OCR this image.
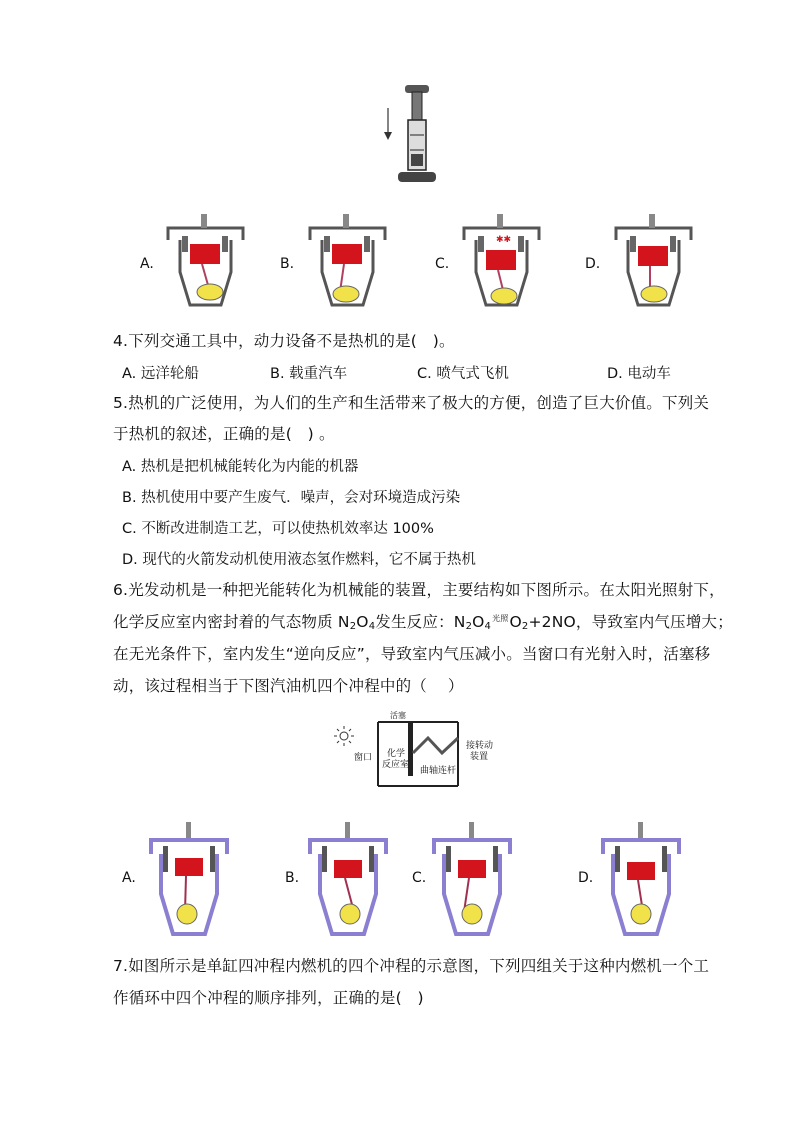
A.	B.	C.	D.
✱✱
4.下列交通工具中，动力设备不是热机的是(　)。
A. 远洋轮船	B. 载重汽车	C. 喷气式飞机	D. 电动车
5.热机的广泛使用，为人们的生产和生活带来了极大的方便，创造了巨大价值。下列关
于热机的叙述，正确的是(　) 。
A. 热机是把机械能转化为内能的机器
B. 热机使用中要产生废气．噪声，会对环境造成污染
C. 不断改进制造工艺，可以使热机效率达 100%
D. 现代的火箭发动机使用液态氢作燃料，它不属于热机
6.光发动机是一种把光能转化为机械能的装置，主要结构如下图所示。在太阳光照射下，
化学反应室内密封着的气态物质 $N_2O_4$发生反应：$N_2O_4^{光照}O_2+2NO$，导致室内气压增大；
在无光条件下，室内发生“逆向反应”，导致室内气压减小。当窗口有光射入时，活塞移
动，该过程相当于下图汽油机四个冲程中的（　 ）
活塞
窗口 化学
反应室
曲轴连杆
接转动
装置
A.	B.	C.	D.
7.如图所示是单缸四冲程内燃机的四个冲程的示意图，下列四组关于这种内燃机一个工
作循环中四个冲程的顺序排列，正确的是(　)
